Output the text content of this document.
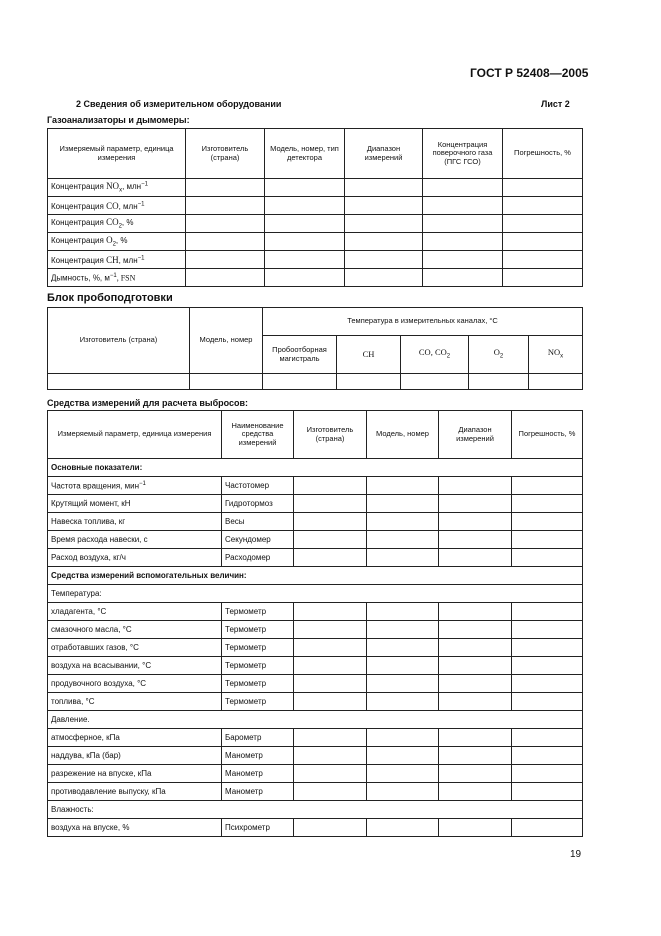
ГОСТ Р 52408—2005
2 Сведения об измерительном оборудовании	Лист 2
Газоанализаторы и дымомеры:
Измеряемый параметр, единица измерения	Изготовитель (страна)	Модель, номер, тип детектора	Диапазон измерений	Концентрация поверочного газа (ПГС ГСО)	Погрешность, %
Концентрация $NO_x$, млн$^{-1}$					
Концентрация CO, млн$^{-1}$					
Концентрация $CO_2$, %					
Концентрация $O_2$, %					
Концентрация CH, млн$^{-1}$					
Дымность, %, $м^{-1}$, FSN					
Блок пробоподготовки
Изготовитель (страна)	Модель, номер	Температура в измерительных каналах, °С				
		Пробоотборная магистраль	CH	CO, $CO_2$	$O_2$	$NO_x$

Средства измерений для расчета выбросов:
Измеряемый параметр, единица измерения	Наименование средства измерений	Изготовитель (страна)	Модель, номер	Диапазон измерений	Погрешность, %
Основные показатели:					
Частота вращения, мин$^{-1}$	Частотомер				
Крутящий момент, кН	Гидротормоз				
Навеска топлива, кг	Весы				
Время расхода навески, с	Секундомер				
Расход воздуха, кг/ч	Расходомер				
Средства измерений вспомогательных величин:					
Температура:					
хладагента, °С	Термометр				
смазочного масла, °С	Термометр				
отработавших газов, °С	Термометр				
воздуха на всасывании, °С	Термометр				
продувочного воздуха, °С	Термометр				
топлива, °С	Термометр				
Давление.					
атмосферное, кПа	Барометр				
наддува, кПа (бар)	Манометр				
разрежение на впуске, кПа	Манометр				
противодавление выпуску, кПа	Манометр				
Влажность:					
воздуха на впуске, %	Психрометр				
19
